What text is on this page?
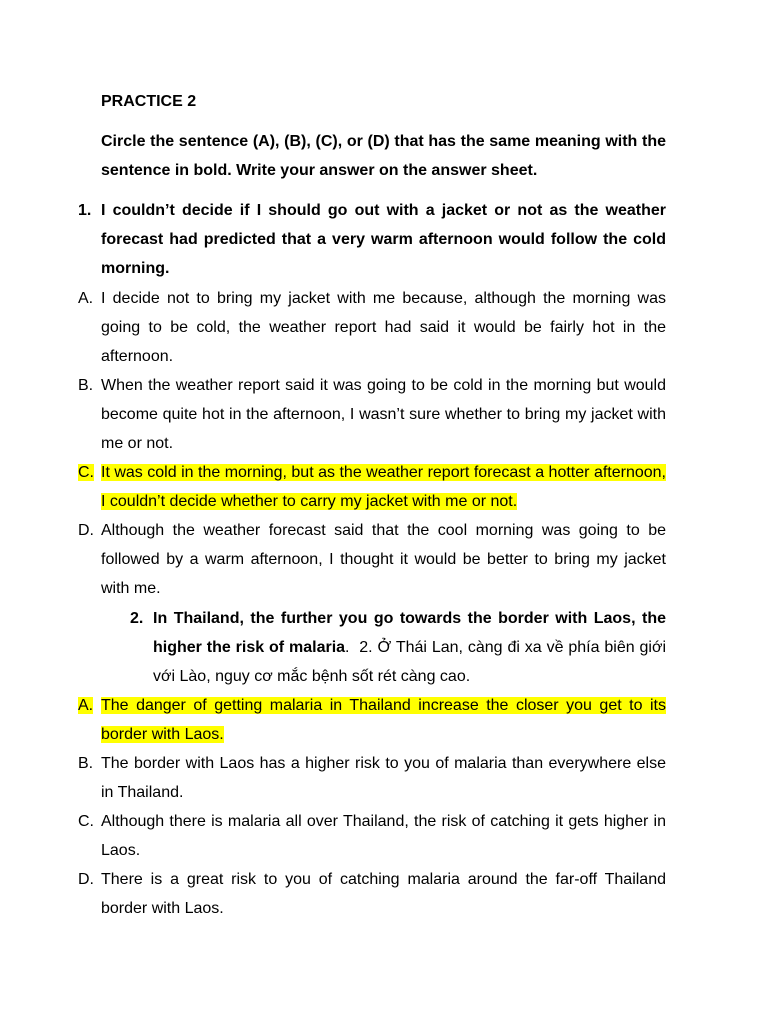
PRACTICE 2
Circle the sentence (A), (B), (C), or (D) that has the same meaning with the sentence in bold. Write your answer on the answer sheet.
1. I couldn’t decide if I should go out with a jacket or not as the weather forecast had predicted that a very warm afternoon would follow the cold morning.
A. I decide not to bring my jacket with me because, although the morning was going to be cold, the weather report had said it would be fairly hot in the afternoon.
B. When the weather report said it was going to be cold in the morning but would become quite hot in the afternoon, I wasn’t sure whether to bring my jacket with me or not.
C. It was cold in the morning, but as the weather report forecast a hotter afternoon, I couldn’t decide whether to carry my jacket with me or not.
D. Although the weather forecast said that the cool morning was going to be followed by a warm afternoon, I thought it would be better to bring my jacket with me.
2. In Thailand, the further you go towards the border with Laos, the higher the risk of malaria. 2. Ở Thái Lan, càng đi xa về phía biên giới với Lào, nguy cơ mắc bệnh sốt rét càng cao.
A. The danger of getting malaria in Thailand increase the closer you get to its border with Laos.
B. The border with Laos has a higher risk to you of malaria than everywhere else in Thailand.
C. Although there is malaria all over Thailand, the risk of catching it gets higher in Laos.
D. There is a great risk to you of catching malaria around the far-off Thailand border with Laos.
